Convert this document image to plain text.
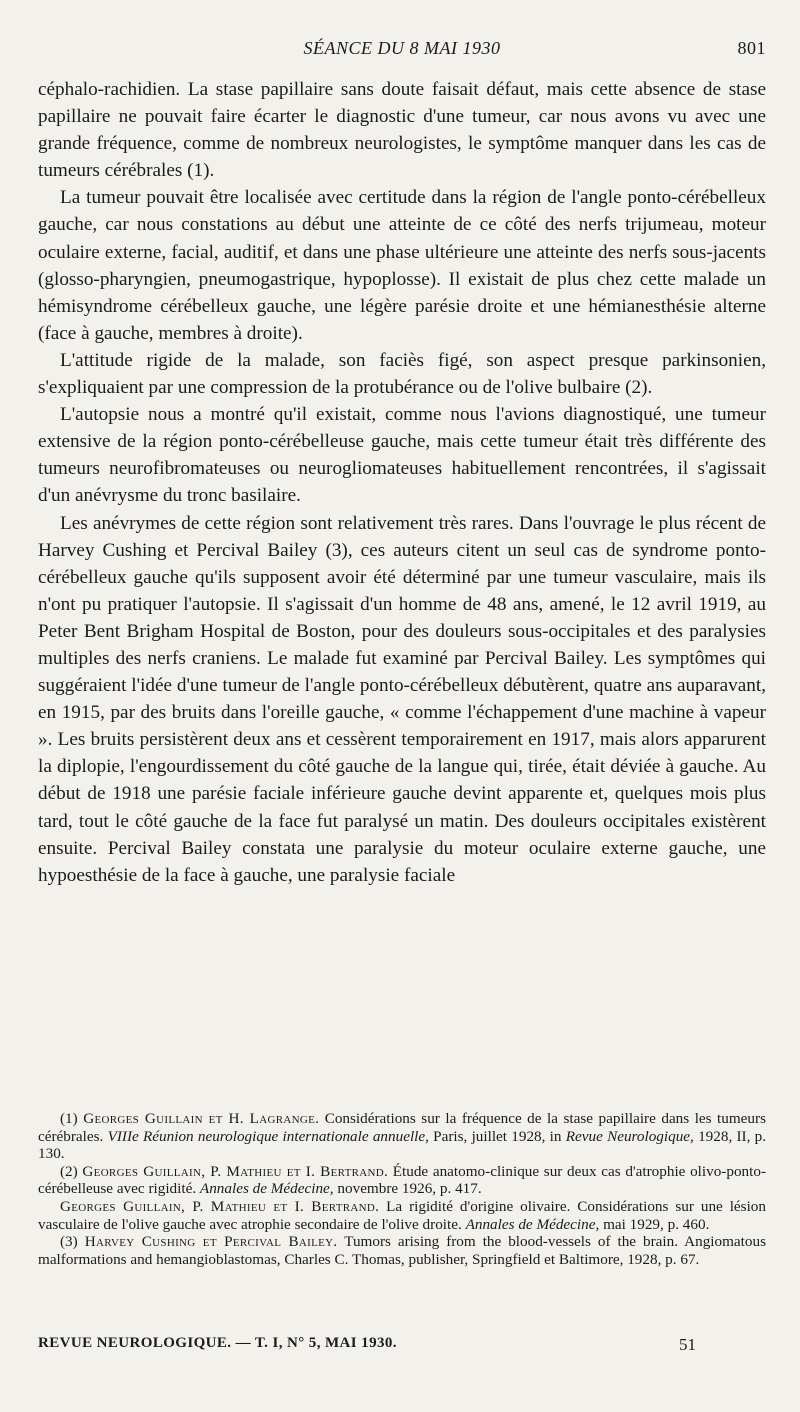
SÉANCE DU 8 MAI 1930	801

céphalo-rachidien. La stase papillaire sans doute faisait défaut, mais cette absence de stase papillaire ne pouvait faire écarter le diagnostic d'une tumeur, car nous avons vu avec une grande fréquence, comme de nombreux neurologistes, le symptôme manquer dans les cas de tumeurs cérébrales (1).

La tumeur pouvait être localisée avec certitude dans la région de l'angle ponto-cérébelleux gauche, car nous constations au début une atteinte de ce côté des nerfs trijumeau, moteur oculaire externe, facial, auditif, et dans une phase ultérieure une atteinte des nerfs sous-jacents (glosso-pharyngien, pneumogastrique, hypoplosse). Il existait de plus chez cette malade un hémisyndrome cérébelleux gauche, une légère parésie droite et une hémianesthésie alterne (face à gauche, membres à droite).

L'attitude rigide de la malade, son faciès figé, son aspect presque parkinsonien, s'expliquaient par une compression de la protubérance ou de l'olive bulbaire (2).

L'autopsie nous a montré qu'il existait, comme nous l'avions diagnostiqué, une tumeur extensive de la région ponto-cérébelleuse gauche, mais cette tumeur était très différente des tumeurs neurofibromateuses ou neurogliomateuses habituellement rencontrées, il s'agissait d'un anévrysme du tronc basilaire.

Les anévrymes de cette région sont relativement très rares. Dans l'ouvrage le plus récent de Harvey Cushing et Percival Bailey (3), ces auteurs citent un seul cas de syndrome ponto-cérébelleux gauche qu'ils supposent avoir été déterminé par une tumeur vasculaire, mais ils n'ont pu pratiquer l'autopsie. Il s'agissait d'un homme de 48 ans, amené, le 12 avril 1919, au Peter Bent Brigham Hospital de Boston, pour des douleurs sous-occipitales et des paralysies multiples des nerfs craniens. Le malade fut examiné par Percival Bailey. Les symptômes qui suggéraient l'idée d'une tumeur de l'angle ponto-cérébelleux débutèrent, quatre ans auparavant, en 1915, par des bruits dans l'oreille gauche, « comme l'échappement d'une machine à vapeur ». Les bruits persistèrent deux ans et cessèrent temporairement en 1917, mais alors apparurent la diplopie, l'engourdissement du côté gauche de la langue qui, tirée, était déviée à gauche. Au début de 1918 une parésie faciale inférieure gauche devint apparente et, quelques mois plus tard, tout le côté gauche de la face fut paralysé un matin. Des douleurs occipitales existèrent ensuite. Percival Bailey constata une paralysie du moteur oculaire externe gauche, une hypoesthésie de la face à gauche, une paralysie faciale

(1) Georges Guillain et H. Lagrange. Considérations sur la fréquence de la stase papillaire dans les tumeurs cérébrales. VIIIe Réunion neurologique internationale annuelle, Paris, juillet 1928, in Revue Neurologique, 1928, II, p. 130.

(2) Georges Guillain, P. Mathieu et I. Bertrand. Étude anatomo-clinique sur deux cas d'atrophie olivo-ponto-cérébelleuse avec rigidité. Annales de Médecine, novembre 1926, p. 417.

Georges Guillain, P. Mathieu et I. Bertrand. La rigidité d'origine olivaire. Considérations sur une lésion vasculaire de l'olive gauche avec atrophie secondaire de l'olive droite. Annales de Médecine, mai 1929, p. 460.

(3) Harvey Cushing et Percival Bailey. Tumors arising from the blood-vessels of the brain. Angiomatous malformations and hemangioblastomas, Charles C. Thomas, publisher, Springfield et Baltimore, 1928, p. 67.

REVUE NEUROLOGIQUE. — T. I, N° 5, MAI 1930.	51
